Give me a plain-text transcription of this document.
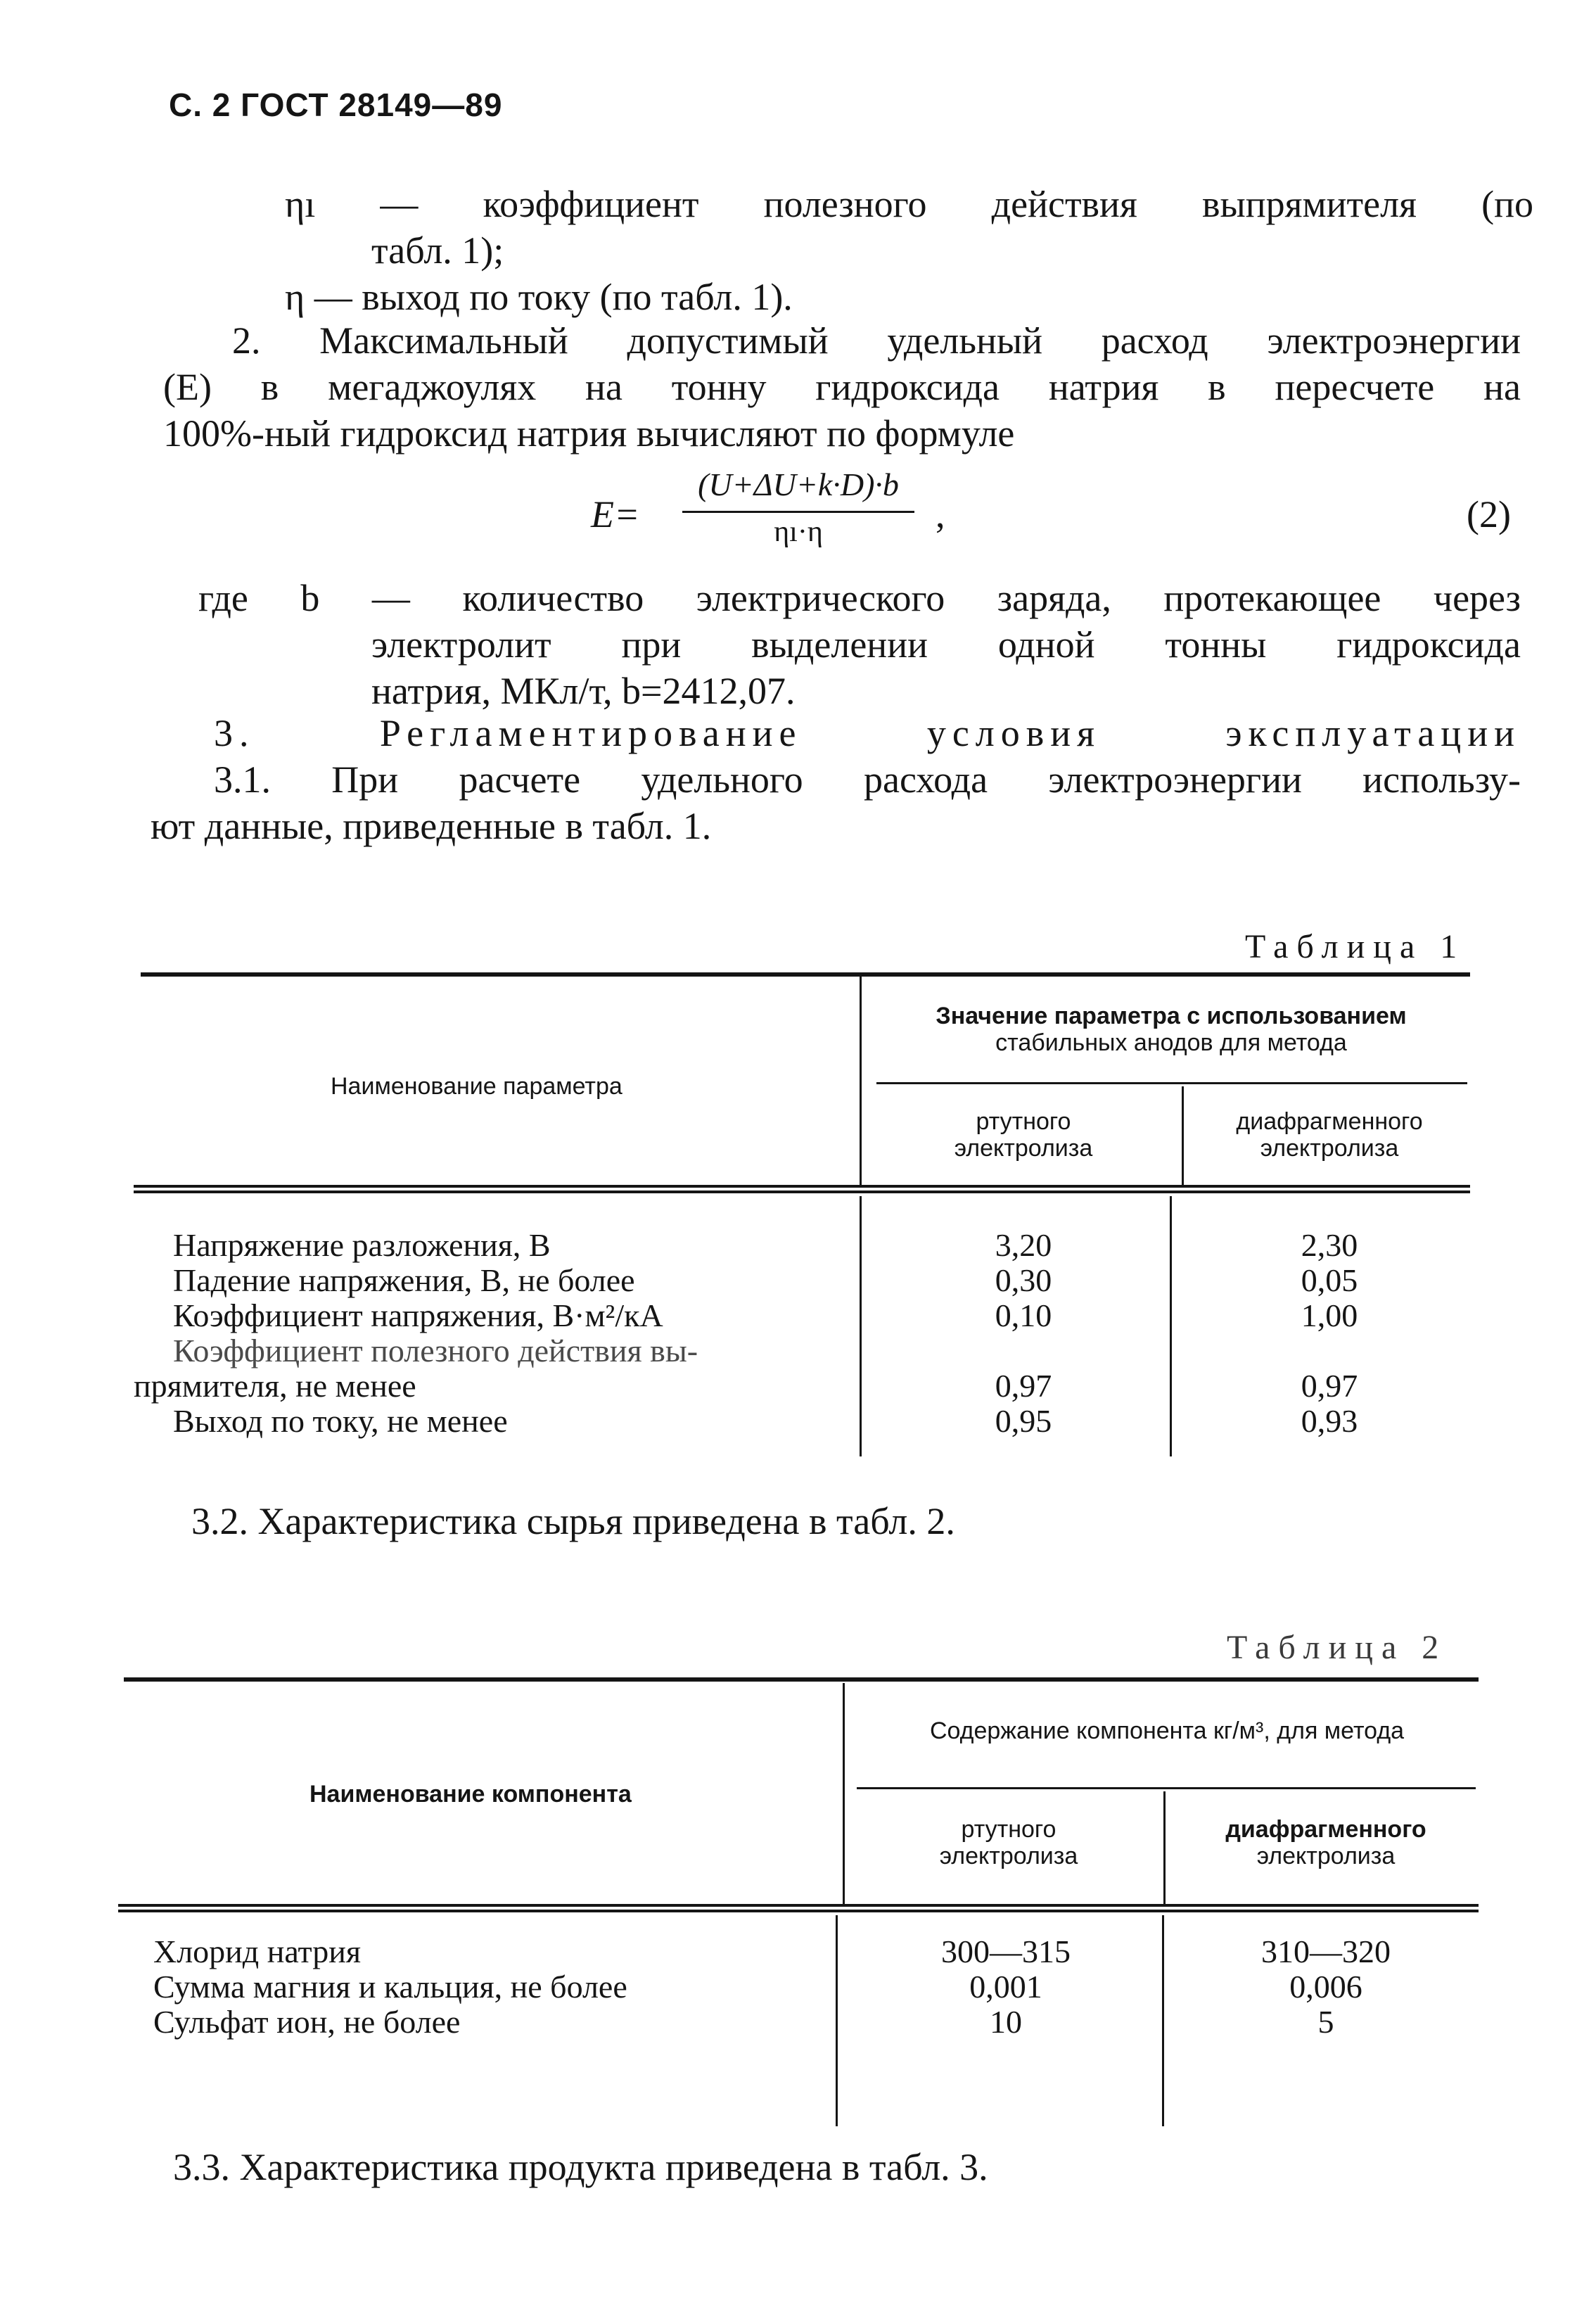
С. 2 ГОСТ 28149—89
ηı — коэффициент полезного действия выпрямителя (по
табл. 1);
η — выход по току (по табл. 1).
2. Максимальный допустимый удельный расход электроэнергии
(E) в мегаджоулях на тонну гидроксида натрия в пересчете на
100%-ный гидроксид натрия вычисляют по формуле
E=
(U+ΔU+k·D)·b
ηı·η	,	(2)
где b — количество электрического заряда, протекающее через
электролит при выделении одной тонны гидроксида
натрия, МКл/т, b=2412,07.
3. Регламентирование условия эксплуатации
3.1. При расчете удельного расхода электроэнергии использу-
ют данные, приведенные в табл. 1.
Таблица 1
Наименование параметра
Значение параметра с использованием
стабильных анодов для метода
ртутного
электролиза
диафрагменного
электролиза
Напряжение разложения, В	3,20	2,30
Падение напряжения, В, не более	0,30	0,05
Коэффициент напряжения, В·м²/кА	0,10	1,00
Коэффициент полезного действия вы-
прямителя, не менее	0,97	0,97
Выход по току, не менее	0,95	0,93
3.2. Характеристика сырья приведена в табл. 2.
Таблица 2
Наименование компонента
Содержание компонента кг/м³, для метода
ртутного
электролиза
диафрагменного
электролиза
Хлорид натрия	300—315	310—320
Сумма магния и кальция, не более	0,001	0,006
Сульфат ион, не более	10	5
3.3. Характеристика продукта приведена в табл. 3.
